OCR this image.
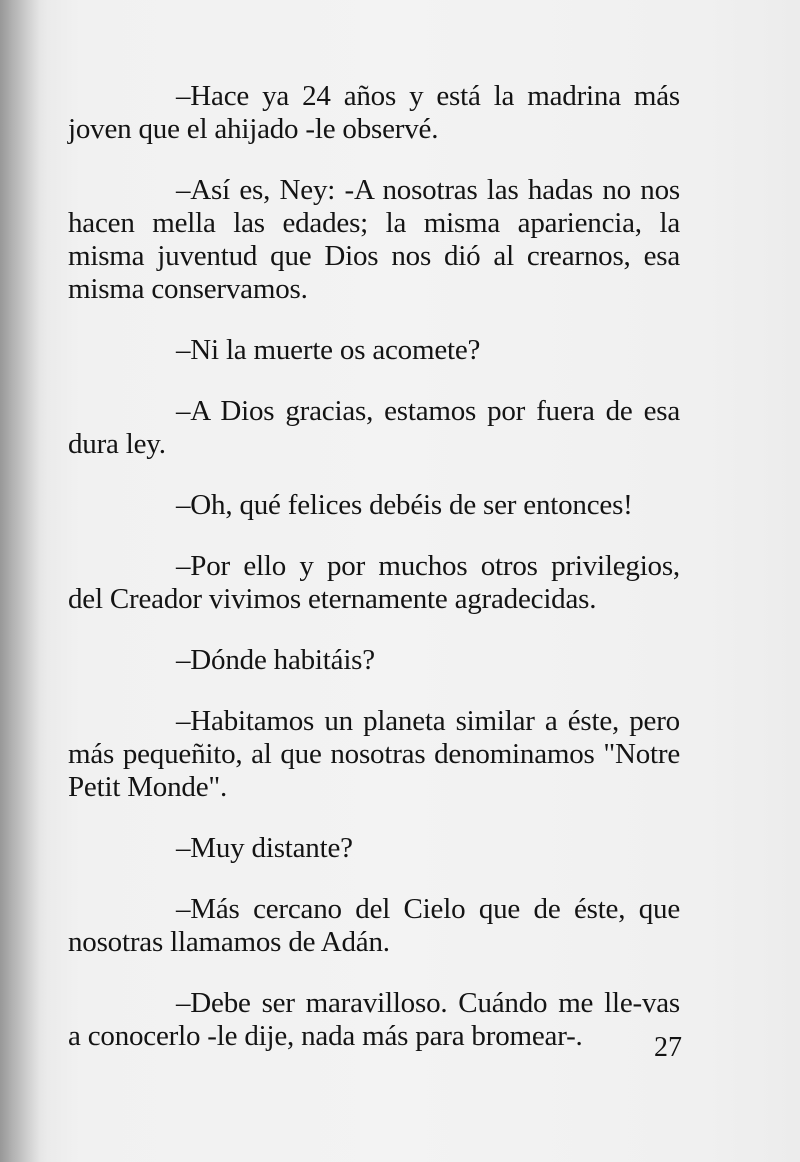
–Hace ya 24 años y está la madrina más joven que el ahijado -le observé.

–Así es, Ney: -A nosotras las hadas no nos hacen mella las edades; la misma apariencia, la misma juventud que Dios nos dió al crearnos, esa misma conservamos.

–Ni la muerte os acomete?

–A Dios gracias, estamos por fuera de esa dura ley.

–Oh, qué felices debéis de ser entonces!

–Por ello y por muchos otros privilegios, del Creador vivimos eternamente agradecidas.

–Dónde habitáis?

–Habitamos un planeta similar a éste, pero más pequeñito, al que nosotras denominamos "Notre Petit Monde".

–Muy distante?

–Más cercano del Cielo que de éste, que nosotras llamamos de Adán.

–Debe ser maravilloso. Cuándo me lle-vas a conocerlo -le dije, nada más para bromear-.	27
